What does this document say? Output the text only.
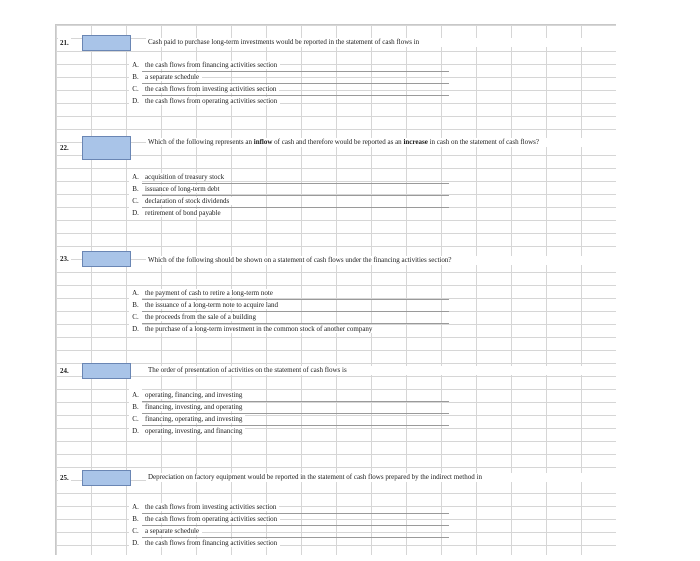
21.	Cash paid to purchase long-term investments would be reported in the statement of cash flows in
A. the cash flows from financing activities section
B. a separate schedule
C. the cash flows from investing activities section
D. the cash flows from operating activities section
22.
Which of the following represents an inflow of cash and therefore would be reported as an increase in cash on the statement of cash flows?
A. acquisition of treasury stock
B. issuance of long-term debt
C. declaration of stock dividends
D. retirement of bond payable
23.	Which of the following should be shown on a statement of cash flows under the financing activities section?
A. the payment of cash to retire a long-term note
B. the issuance of a long-term note to acquire land
C. the proceeds from the sale of a building
D. the purchase of a long-term investment in the common stock of another company
24.	The order of presentation of activities on the statement of cash flows is
A. operating, financing, and investing
B. financing, investing, and operating
C. financing, operating, and investing
D. operating, investing, and financing
25.	Depreciation on factory equipment would be reported in the statement of cash flows prepared by the indirect method in
A. the cash flows from investing activities section
B. the cash flows from operating activities section
C. a separate schedule
D. the cash flows from financing activities section
